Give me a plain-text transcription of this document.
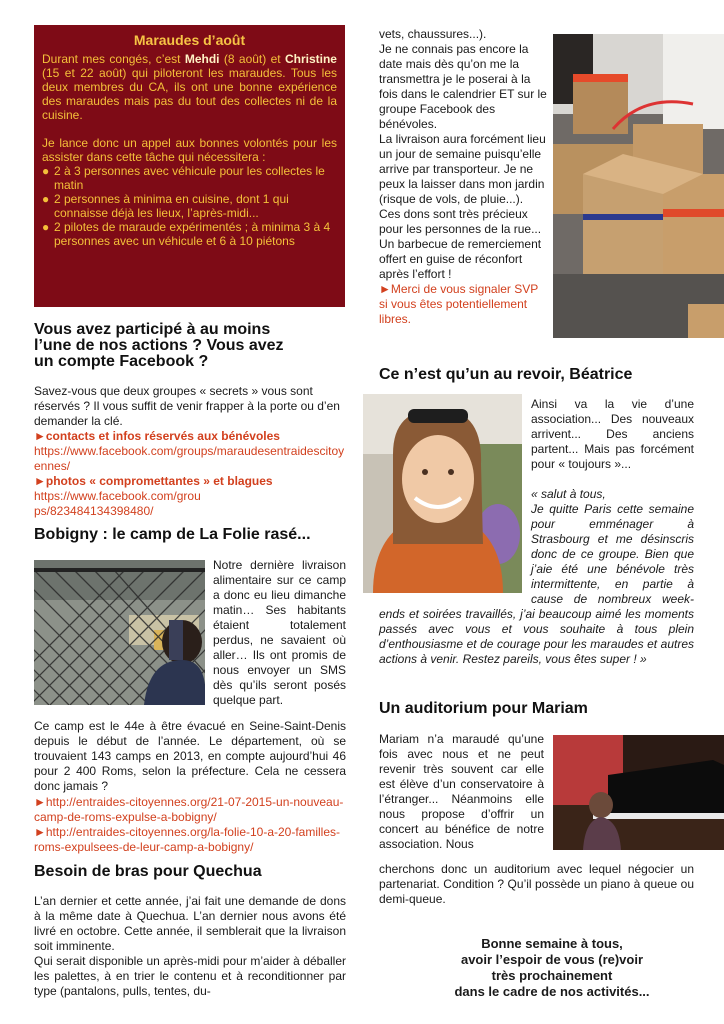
Maraudes d’août

Durant mes congés, c’est Mehdi (8 août) et Christine (15 et 22 août) qui piloteront les maraudes. Tous les deux membres du CA, ils ont une bonne expérience des maraudes mais pas du tout des collectes ni de la cuisine.

Je lance donc un appel aux bonnes volontés pour les assister dans cette tâche qui nécessitera :

● 2 à 3 personnes avec véhicule pour les collectes le matin
● 2 personnes à minima en cuisine, dont 1 qui connaisse déjà les lieux, l’après-midi...
● 2 pilotes de maraude expérimentés ; à minima 3 à 4 personnes avec un véhicule et 6 à 10 piétons
Vous avez participé à au moins l’une de nos actions ? Vous avez un compte Facebook ?

Savez-vous que deux groupes « secrets » vous sont réservés ? Il vous suffit de venir frapper à la porte ou d’en demander la clé.

►contacts et infos réservés aux bénévoles
https://www.facebook.com/groups/maraudesentraidescitoyennes/
►photos « compromettantes » et blagues
https://www.facebook.com/groups/823484134398480/
Bobigny : le camp de La Folie rasé...
Notre dernière livraison alimentaire sur ce camp a donc eu lieu dimanche matin… Ses habitants étaient totalement perdus, ne savaient où aller… Ils ont promis de nous envoyer un SMS dès qu’ils seront posés quelque part.
Ce camp est le 44e à être évacué en Seine-Saint-Denis depuis le début de l’année. Le département, où se trouvaient 143 camps en 2013, en compte aujourd’hui 46 pour 2 400 Roms, selon la préfecture. Cela ne cessera donc jamais ?
►http://entraides-citoyennes.org/21-07-2015-un-nouveau-camp-de-roms-expulse-a-bobigny/
►http://entraides-citoyennes.org/la-folie-10-a-20-familles-roms-expulsees-de-leur-camp-a-bobigny/
Besoin de bras pour Quechua
L’an dernier et cette année, j’ai fait une demande de dons à la même date à Quechua. L’an dernier nous avons été livré en octobre. Cette année, il semblerait que la livraison soit imminente.
Qui serait disponible un après-midi pour m’aider à déballer les palettes, à en trier le contenu et à reconditionner par type (pantalons, pulls, tentes, du-

vets, chaussures...).

Je ne connais pas encore la date mais dès qu’on me la transmettra je le poserai à la fois dans le calendrier ET sur le groupe Facebook des bénévoles.

La livraison aura forcément lieu un jour de semaine puisqu’elle arrive par transporteur. Je ne peux la laisser dans mon jardin (risque de vols, de pluie...).

Ces dons sont très précieux pour les personnes de la rue...

Un barbecue de remerciement offert en guise de réconfort après l’effort !

►Merci de vous signaler SVP si vous êtes potentiellement libres.

Ce n’est qu’un au revoir, Béatrice
Ainsi va la vie d’une association... Des nouveaux arrivent... Des anciens partent... Mais pas forcément pour « toujours »...
« salut à tous,

Je quitte Paris cette semaine pour emménager à Strasbourg et me désinscris donc de ce groupe. Bien que j’aie été une bénévole très intermittente, en partie à cause de nombreux week-ends et soirées travaillés, j’ai beaucoup aimé les moments passés avec vous et vous souhaite à tous plein d’enthousiasme et de courage pour les maraudes et autres actions à venir. Restez pareils, vous êtes super ! »

Un auditorium pour Mariam
Mariam n’a maraudé qu’une fois avec nous et ne peut revenir très souvent car elle est élève d’un conservatoire à l’étranger... Néanmoins elle nous propose d’offrir un concert au bénéfice de notre association. Nous
cherchons donc un auditorium avec lequel négocier un partenariat. Condition ? Qu’il possède un piano à queue ou demi-queue.
Bonne semaine à tous,
avoir l’espoir de vous (re)voir
très prochainement
dans le cadre de nos activités...
